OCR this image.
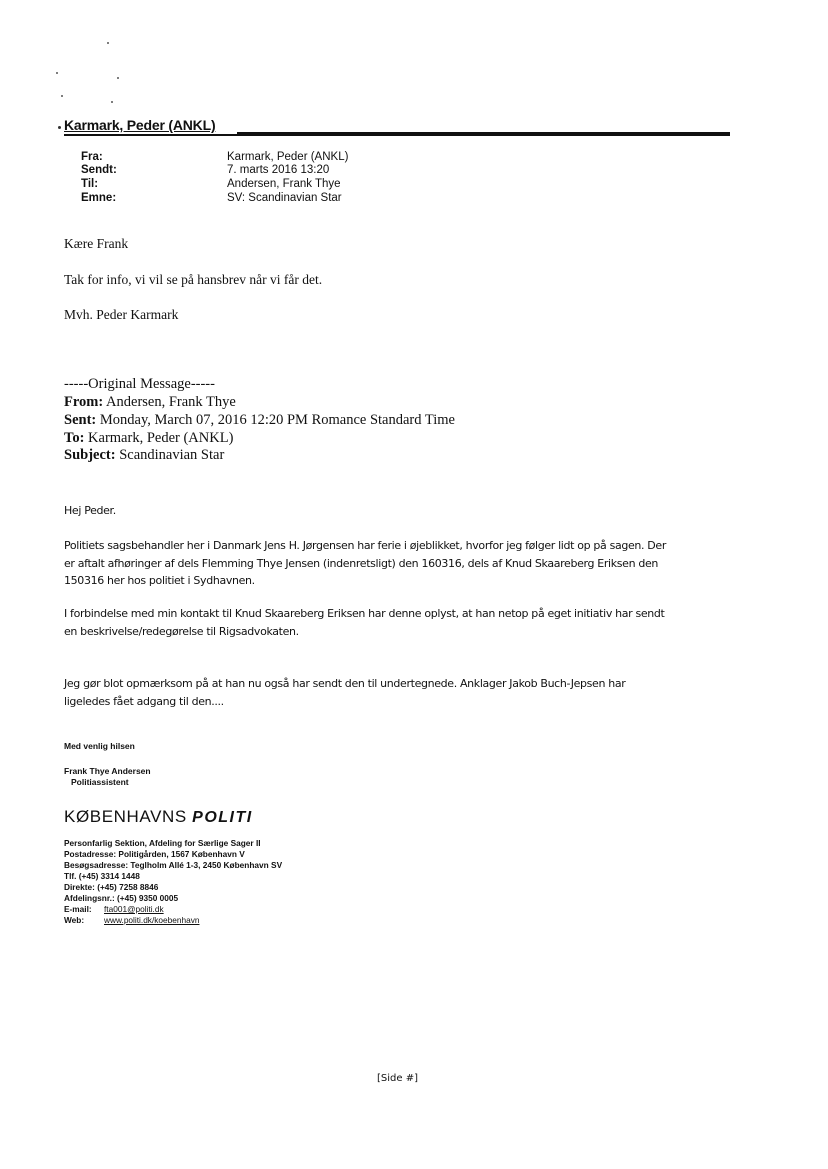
Karmark, Peder (ANKL)
Fra:	Karmark, Peder (ANKL)
Sendt:	7. marts 2016 13:20
Til:	Andersen, Frank Thye
Emne:	SV: Scandinavian Star
Kære Frank
Tak for info, vi vil se på hansbrev når vi får det.
Mvh. Peder Karmark
-----Original Message-----
From: Andersen, Frank Thye
Sent: Monday, March 07, 2016 12:20 PM Romance Standard Time
To: Karmark, Peder (ANKL)
Subject: Scandinavian Star
Hej Peder.
Politiets sagsbehandler her i Danmark Jens H. Jørgensen har ferie i øjeblikket, hvorfor jeg følger lidt op på sagen. Der
er aftalt afhøringer af dels Flemming Thye Jensen (indenretsligt) den 160316, dels af Knud Skaareberg Eriksen den
150316 her hos politiet i Sydhavnen.
I forbindelse med min kontakt til Knud Skaareberg Eriksen har denne oplyst, at han netop på eget initiativ har sendt
en beskrivelse/redegørelse til Rigsadvokaten.
Jeg gør blot opmærksom på at han nu også har sendt den til undertegnede. Anklager Jakob Buch-Jepsen har
ligeledes fået adgang til den....
Med venlig hilsen
Frank Thye Andersen
Politiassistent
KØBENHAVNS POLITI
Personfarlig Sektion, Afdeling for Særlige Sager II
Postadresse: Politigården, 1567 København V
Besøgsadresse: Teglholm Allé 1-3, 2450 København SV
Tlf. (+45) 3314 1448
Direkte: (+45) 7258 8846
Afdelingsnr.: (+45) 9350 0005
E-mail: fta001@politi.dk
Web: www.politi.dk/koebenhavn
[Side #]
